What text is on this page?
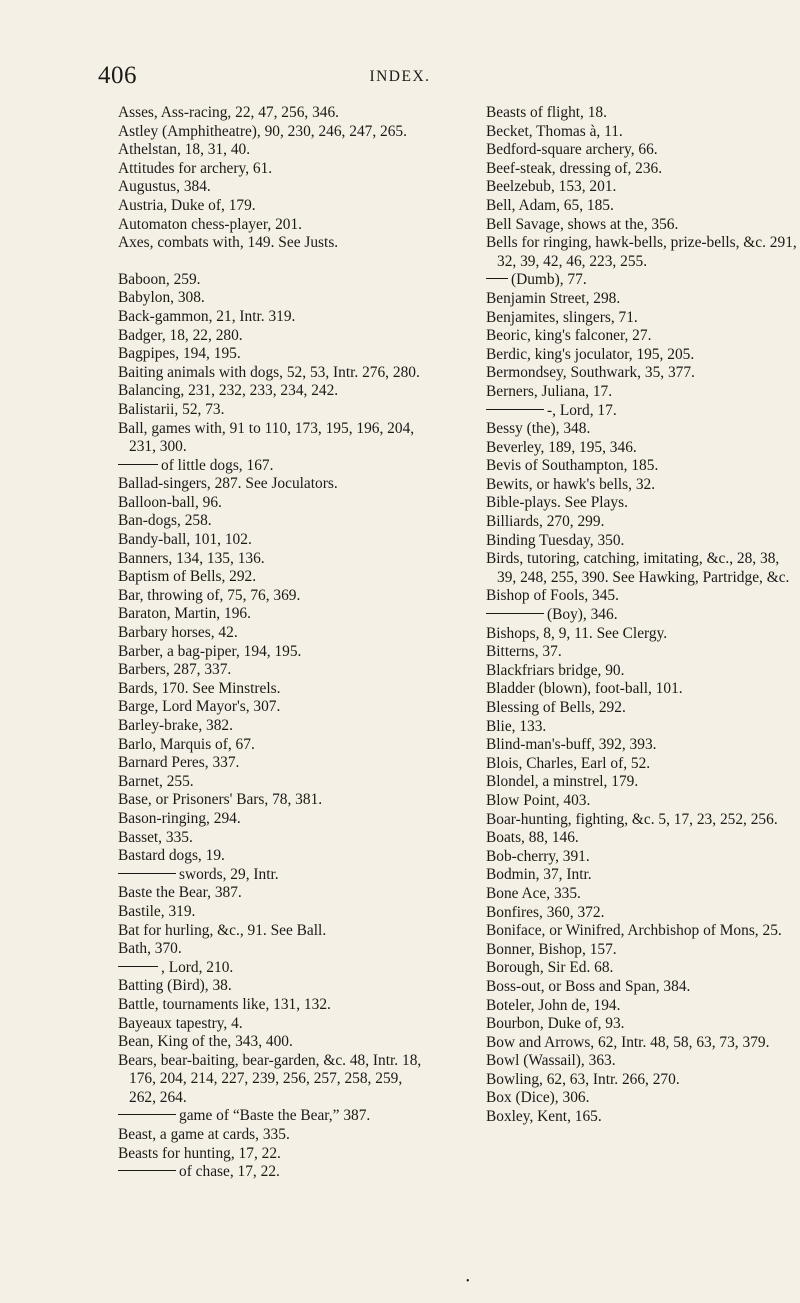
406	INDEX.
Asses, Ass-racing, 22, 47, 256, 346.
Astley (Amphitheatre), 90, 230, 246, 247, 265.
Athelstan, 18, 31, 40.
Attitudes for archery, 61.
Augustus, 384.
Austria, Duke of, 179.
Automaton chess-player, 201.
Axes, combats with, 149. See Justs.
Baboon, 259.
Babylon, 308.
Back-gammon, 21, Intr. 319.
Badger, 18, 22, 280.
Bagpipes, 194, 195.
Baiting animals with dogs, 52, 53, Intr. 276, 280.
Balancing, 231, 232, 233, 234, 242.
Balistarii, 52, 73.
Ball, games with, 91 to 110, 173, 195, 196, 204, 231, 300.
of little dogs, 167.
Ballad-singers, 287. See Joculators.
Balloon-ball, 96.
Ban-dogs, 258.
Bandy-ball, 101, 102.
Banners, 134, 135, 136.
Baptism of Bells, 292.
Bar, throwing of, 75, 76, 369.
Baraton, Martin, 196.
Barbary horses, 42.
Barber, a bag-piper, 194, 195.
Barbers, 287, 337.
Bards, 170. See Minstrels.
Barge, Lord Mayor's, 307.
Barley-brake, 382.
Barlo, Marquis of, 67.
Barnard Peres, 337.
Barnet, 255.
Base, or Prisoners' Bars, 78, 381.
Bason-ringing, 294.
Basset, 335.
Bastard dogs, 19.
swords, 29, Intr.
Baste the Bear, 387.
Bastile, 319.
Bat for hurling, &c., 91. See Ball.
Bath, 370.
, Lord, 210.
Batting (Bird), 38.
Battle, tournaments like, 131, 132.
Bayeaux tapestry, 4.
Bean, King of the, 343, 400.
Bears, bear-baiting, bear-garden, &c. 48, Intr. 18, 176, 204, 214, 227, 239, 256, 257, 258, 259, 262, 264.
game of “Baste the Bear,” 387.
Beast, a game at cards, 335.
Beasts for hunting, 17, 22.
of chase, 17, 22.
Beasts of flight, 18.
Becket, Thomas à, 11.
Bedford-square archery, 66.
Beef-steak, dressing of, 236.
Beelzebub, 153, 201.
Bell, Adam, 65, 185.
Bell Savage, shows at the, 356.
Bells for ringing, hawk-bells, prize-bells, &c. 291, 32, 39, 42, 46, 223, 255.
(Dumb), 77.
Benjamin Street, 298.
Benjamites, slingers, 71.
Beoric, king's falconer, 27.
Berdic, king's joculator, 195, 205.
Bermondsey, Southwark, 35, 377.
Berners, Juliana, 17.
-, Lord, 17.
Bessy (the), 348.
Beverley, 189, 195, 346.
Bevis of Southampton, 185.
Bewits, or hawk's bells, 32.
Bible-plays. See Plays.
Billiards, 270, 299.
Binding Tuesday, 350.
Birds, tutoring, catching, imitating, &c., 28, 38, 39, 248, 255, 390. See Hawking, Partridge, &c.
Bishop of Fools, 345.
(Boy), 346.
Bishops, 8, 9, 11. See Clergy.
Bitterns, 37.
Blackfriars bridge, 90.
Bladder (blown), foot-ball, 101.
Blessing of Bells, 292.
Blie, 133.
Blind-man's-buff, 392, 393.
Blois, Charles, Earl of, 52.
Blondel, a minstrel, 179.
Blow Point, 403.
Boar-hunting, fighting, &c. 5, 17, 23, 252, 256.
Boats, 88, 146.
Bob-cherry, 391.
Bodmin, 37, Intr.
Bone Ace, 335.
Bonfires, 360, 372.
Boniface, or Winifred, Archbishop of Mons, 25.
Bonner, Bishop, 157.
Borough, Sir Ed. 68.
Boss-out, or Boss and Span, 384.
Boteler, John de, 194.
Bourbon, Duke of, 93.
Bow and Arrows, 62, Intr. 48, 58, 63, 73, 379.
Bowl (Wassail), 363.
Bowling, 62, 63, Intr. 266, 270.
Box (Dice), 306.
Boxley, Kent, 165.
•
